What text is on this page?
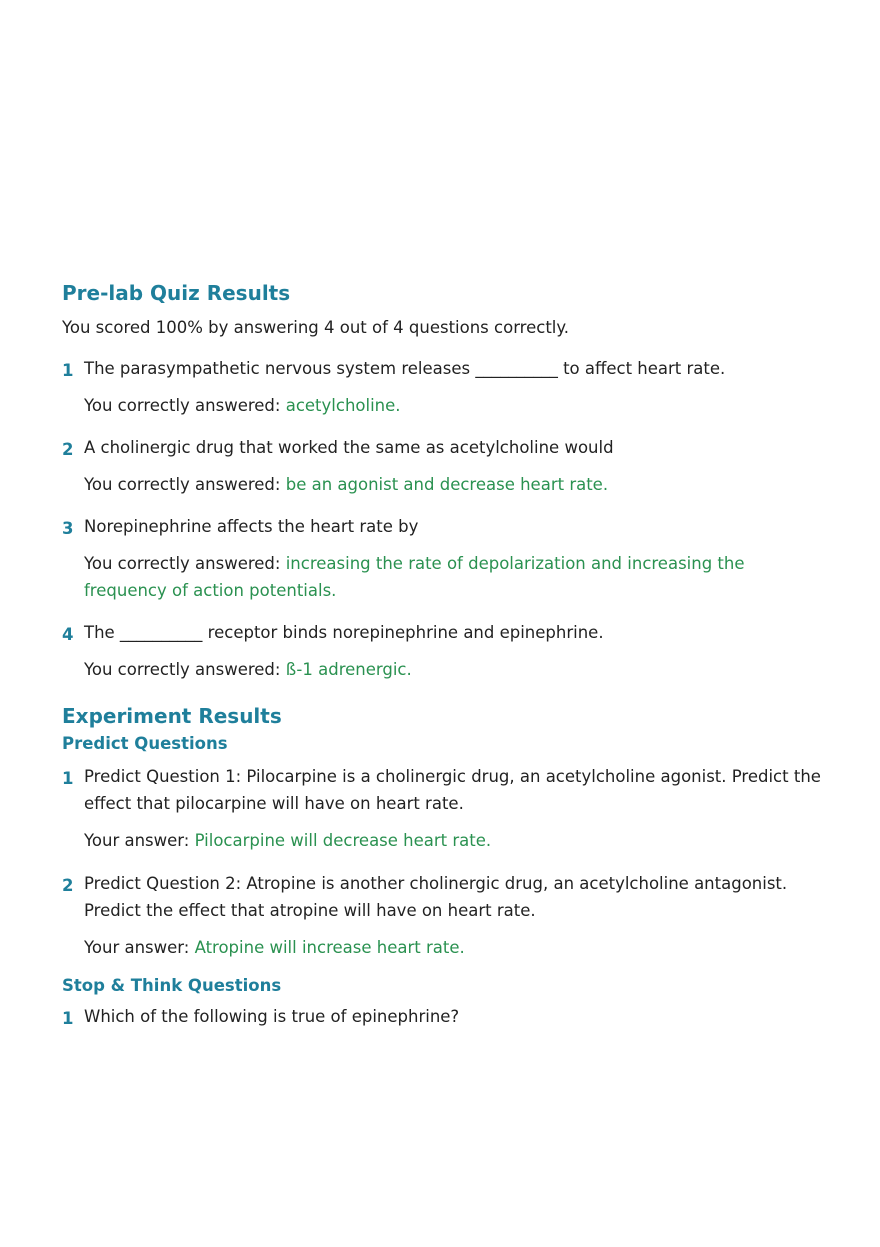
Pre-lab Quiz Results
You scored 100% by answering 4 out of 4 questions correctly.
1 The parasympathetic nervous system releases __________ to affect heart rate.
You correctly answered: acetylcholine.
2 A cholinergic drug that worked the same as acetylcholine would
You correctly answered: be an agonist and decrease heart rate.
3 Norepinephrine affects the heart rate by
You correctly answered: increasing the rate of depolarization and increasing the frequency of action potentials.
4 The __________ receptor binds norepinephrine and epinephrine.
You correctly answered: ß-1 adrenergic.
Experiment Results
Predict Questions
1 Predict Question 1: Pilocarpine is a cholinergic drug, an acetylcholine agonist. Predict the effect that pilocarpine will have on heart rate.
Your answer: Pilocarpine will decrease heart rate.
2 Predict Question 2: Atropine is another cholinergic drug, an acetylcholine antagonist. Predict the effect that atropine will have on heart rate.
Your answer: Atropine will increase heart rate.
Stop & Think Questions
1 Which of the following is true of epinephrine?
